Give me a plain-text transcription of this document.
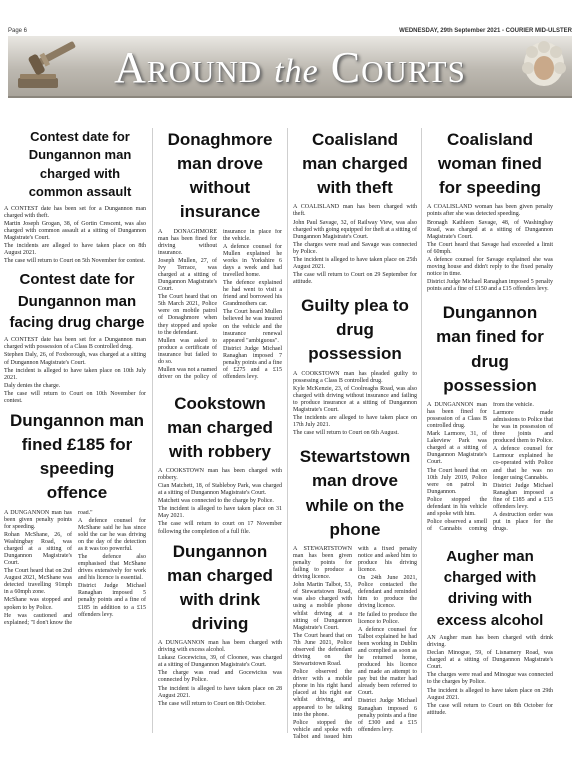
Page 6	WEDNESDAY, 29th September 2021 - COURIER MID-ULSTER
Around the Courts
Contest date for Dungannon man charged with common assault

A CONTEST date has been set for a Dungannon man charged with theft.

Martin Joseph Grogan, 38, of Gortin Crescent, was also charged with common assault at a sitting of Dungannon Magistrate's Court.

The incidents are alleged to have taken place on 8th August 2021.

The case will return to Court on 5th November for contest.

Contest date for Dungannon man facing drug charge

A CONTEST date has been set for a Dungannon man charged with possession of a Class B controlled drug.

Stephen Daly, 26, of Foxborough, was charged at a sitting of Dungannon Magistrate's Court.

The incident is alleged to have taken place on 10th July 2021.

Daly denies the charge.

The case will return to Court on 10th November for contest.

Dungannon man fined £185 for speeding offence

A DUNGANNON man has been given penalty points for speeding.

Rohan McShane, 26, of Washingbay Road, was charged at a sitting of Dungannon Magistrate's Court.

The Court heard that on 2nd August 2021, McShane was detected travelling 91mph in a 60mph zone.

McShane was stopped and spoken to by Police.

He was cautioned and explained; "I don't know the road."

A defence counsel for McShane said he has since sold the car he was driving on the day of the detection as it was too powerful.

The defence also emphasised that McShane drives extensively for work and his licence is essential.

District Judge Michael Ranaghan imposed 5 penalty points and a fine of £185 in addition to a £15 offenders levy.

Donaghmore man drove without insurance

A DONAGHMORE man has been fined for driving without insurance.

Joseph Mullen, 27, of Ivy Terrace, was charged at a sitting of Dungannon Magistrate's Court.

The Court heard that on 5th March 2021, Police were on mobile patrol of Donaghmore when they stopped and spoke to the defendant.

Mullen was asked to produce a certificate of insurance but failed to do so.

Mullen was not a named driver on the policy of insurance in place for the vehicle.

A defence counsel for Mullen explained he works in Yorkshire 6 days a week and had travelled home.

The defence explained he had went to visit a friend and borrowed his Grandmothers car.

The Court heard Mullen believed he was insured on the vehicle and the insurance renewal appeared "ambiguous".

District Judge Michael Ranaghan imposed 7 penalty points and a fine of £275 and a £15 offenders levy.

Cookstown man charged with robbery

A COOKSTOWN man has been charged with robbery.

Cian Matchett, 18, of Stableboy Park, was charged at a sitting of Dungannon Magistrate's Court.

Matchett was connected to the charge by Police.

The incident is alleged to have taken place on 31 May 2021.

The case will return to court on 17 November following the completion of a full file.

Dungannon man charged with drink driving

A DUNGANNON man has been charged with driving with excess alcohol.

Lukasz Gocewicius, 39, of Cloonee, was charged at a sitting of Dungannon Magistrate's Court.

The charge was read and Gocewicius was connected by Police.

The incident is alleged to have taken place on 28 August 2021.

The case will return to Court on 8th October.

Coalisland man charged with theft

A COALISLAND man has been charged with theft.

John Paul Savage, 32, of Railway View, was also charged with going equipped for theft at a sitting of Dungannon Magistrate's Court.

The charges were read and Savage was connected by Police.

The incident is alleged to have taken place on 25th August 2021.

The case will return to Court on 29 September for attitude.

Guilty plea to drug possession

A COOKSTOWN man has pleaded guilty to possessing a Class B controlled drug.

Kyle McKenzie, 23, of Coolreaghs Road, was also charged with driving without insurance and failing to produce insurance at a sitting of Dungannon Magistrate's Court.

The incidents are alleged to have taken place on 17th July 2021.

The case will return to Court on 6th August.

Stewartstown man drove while on the phone

A STEWARTSTOWN man has been given penalty points for failing to produce a driving licence.

John Martin Talbot, 53, of Stewartstown Road, was also charged with using a mobile phone whilst driving at a sitting of Dungannon Magistrate's Court.

The Court heard that on 7th June 2021, Police observed the defendant driving on the Stewartstown Road.

Police observed the driver with a mobile phone in his right hand placed at his right ear whilst driving, and appeared to be talking into the phone.

Police stopped the vehicle and spoke with Talbot and issued him with a fixed penalty notice and asked him to produce his driving licence.

On 24th June 2021, Police contacted the defendant and reminded him to produce the driving licence.

He failed to produce the licence to Police.

A defence counsel for Talbot explained he had been working in Dublin and complied as soon as he returned home, produced his licence and made an attempt to pay but the matter had already been referred to Court.

District Judge Michael Ranaghan imposed 6 penalty points and a fine of £300 and a £15 offenders levy.

Coalisland woman fined for speeding

A COALISLAND woman has been given penalty points after she was detected speeding.

Bronagh Kathleen Savage, 48, of Washingbay Road, was charged at a sitting of Dungannon Magistrate's Court.

The Court heard that Savage had exceeded a limit of 60mph.

A defence counsel for Savage explained she was moving house and didn't reply to the fixed penalty notice in time.

District Judge Michael Ranaghan imposed 5 penalty points and a fine of £150 and a £15 offenders levy.

Dungannon man fined for drug possession

A DUNGANNON man has been fined for possession of a Class B controlled drug.

Mark Larmore, 31, of Lakeview Park was charged at a sitting of Dungannon Magistrate's Court.

The Court heard that on 10th July 2019, Police were on patrol in Dungannon.

Police stopped the defendant in his vehicle and spoke with him.

Police observed a smell of Cannabis coming from the vehicle.

Larmore made admissions to Police that he was in possession of three joints and produced them to Police.

A defence counsel for Larmour explained he co-operated with Police and that he was no longer using Cannabis.

District Judge Michael Ranaghan imposed a fine of £185 and a £15 offenders levy.

A destruction order was put in place for the drugs.

Augher man charged with driving with excess alcohol

AN Augher man has been charged with drink driving.

Declan Minogue, 59, of Lisnamery Road, was charged at a sitting of Dungannon Magistrate's Court.

The charges were read and Minogue was connected to the charges by Police.

The incident is alleged to have taken place on 29th August 2021.

The case will return to Court on 8th October for attitude.
